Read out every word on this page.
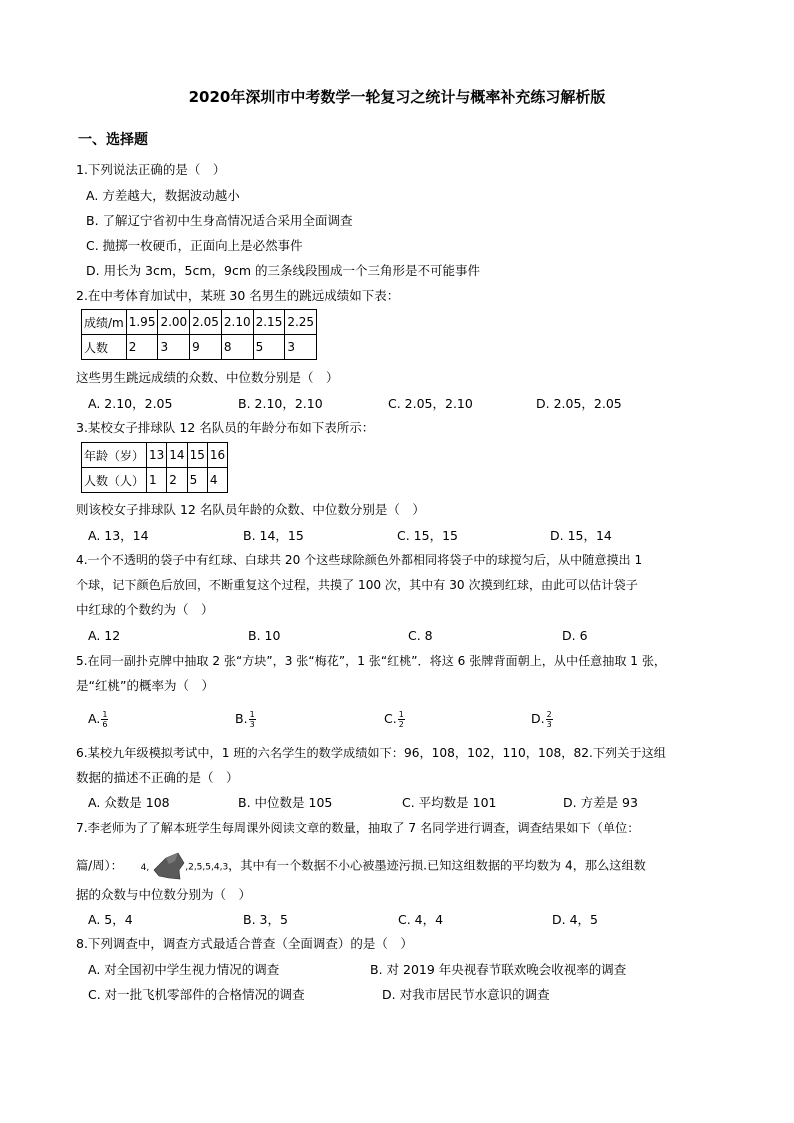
2020年深圳市中考数学一轮复习之统计与概率补充练习解析版
一、选择题
1.下列说法正确的是（　）
A. 方差越大，数据波动越小
B. 了解辽宁省初中生身高情况适合采用全面调查
C. 抛掷一枚硬币，正面向上是必然事件
D. 用长为 3cm，5cm，9cm 的三条线段围成一个三角形是不可能事件
2.在中考体育加试中，某班 30 名男生的跳远成绩如下表：
成绩/m	1.95	2.00	2.05	2.10	2.15	2.25
人数	2	3	9	8	5	3
这些男生跳远成绩的众数、中位数分别是（　）
A. 2.10，2.05	B. 2.10，2.10	C. 2.05，2.10	D. 2.05，2.05
3.某校女子排球队 12 名队员的年龄分布如下表所示：
年龄（岁）	13	14	15	16
人数（人）	1	2	5	4
则该校女子排球队 12 名队员年龄的众数、中位数分别是（　）
A. 13，14	B. 14，15	C. 15，15	D. 15，14
4.一个不透明的袋子中有红球、白球共 20 个这些球除颜色外都相同将袋子中的球搅匀后，从中随意摸出 1
个球，记下颜色后放回，不断重复这个过程，共摸了 100 次，其中有 30 次摸到红球，由此可以估计袋子
中红球的个数约为（　）
A. 12	B. 10	C. 8	D. 6
5.在同一副扑克牌中抽取 2 张“方块”，3 张“梅花”，1 张“红桃”．将这 6 张牌背面朝上，从中任意抽取 1 张，
是“红桃”的概率为（　）
A. $\frac{1}{6}$	B. $\frac{1}{3}$	C. $\frac{1}{2}$	D. $\frac{2}{3}$
6.某校九年级模拟考试中，1 班的六名学生的数学成绩如下：96，108，102，110，108，82.下列关于这组
数据的描述不正确的是（　）
A. 众数是 108	B. 中位数是 105	C. 平均数是 101	D. 方差是 93
7.李老师为了了解本班学生每周课外阅读文章的数量，抽取了 7 名同学进行调查，调查结果如下（单位：
篇/周）： 4,	,2,5,5,4,3，其中有一个数据不小心被墨迹污损.已知这组数据的平均数为 4，那么这组数
据的众数与中位数分别为（　）
A. 5，4	B. 3，5	C. 4，4	D. 4，5
8.下列调查中，调查方式最适合普查（全面调查）的是（　）
A. 对全国初中学生视力情况的调查	B. 对 2019 年央视春节联欢晚会收视率的调查
C. 对一批飞机零部件的合格情况的调查	D. 对我市居民节水意识的调查
